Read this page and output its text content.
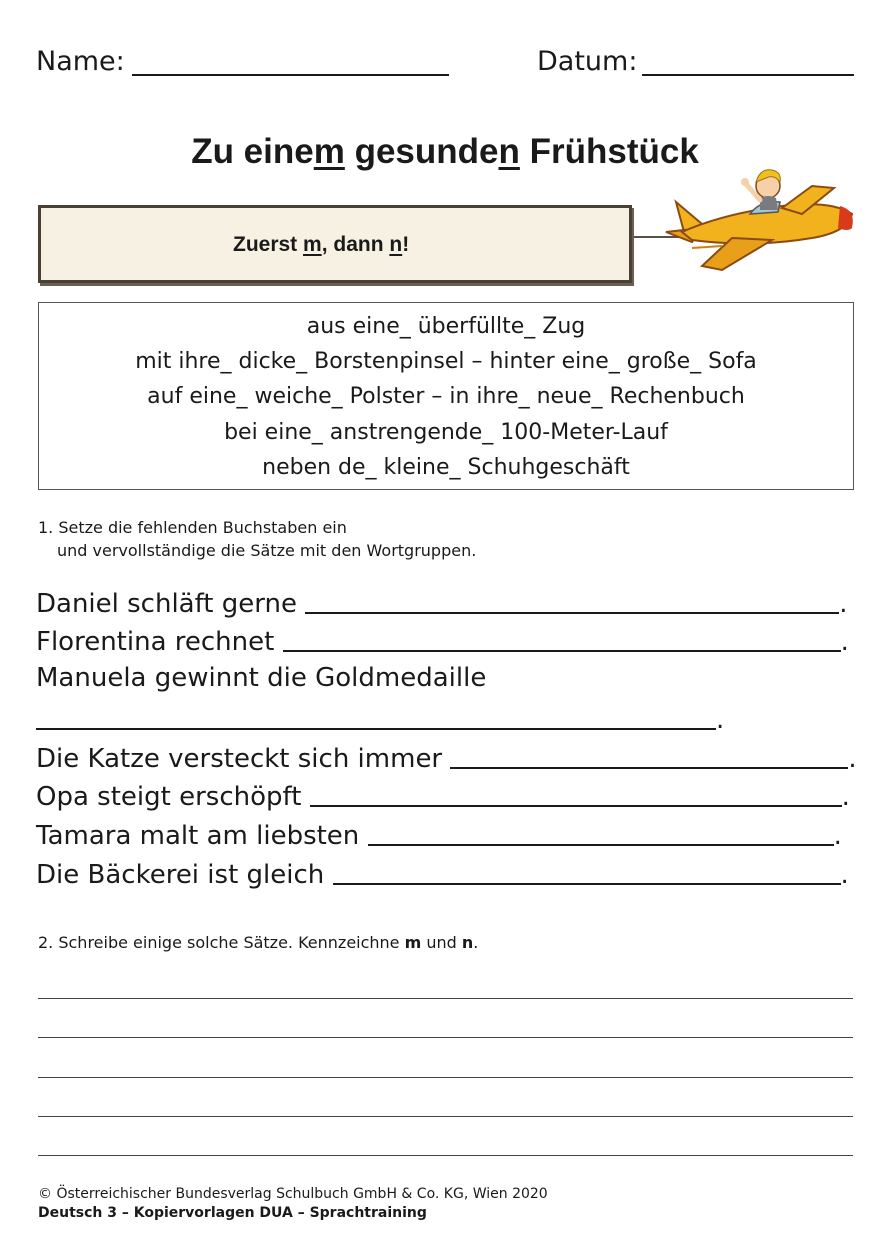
Name:	Datum:
Zu einem gesunden Frühstück
Zuerst m, dann n!
aus eine_ überfüllte_ Zug
mit ihre_ dicke_ Borstenpinsel – hinter eine_ große_ Sofa
auf eine_ weiche_ Polster – in ihre_ neue_ Rechenbuch
bei eine_ anstrengende_ 100-Meter-Lauf
neben de_ kleine_ Schuhgeschäft
1. Setze die fehlenden Buchstaben ein
und vervollständige die Sätze mit den Wortgruppen.
Daniel schläft gerne	.
Florentina rechnet	.
Manuela gewinnt die Goldmedaille
.
Die Katze versteckt sich immer	.
Opa steigt erschöpft	.
Tamara malt am liebsten	.
Die Bäckerei ist gleich	.
2. Schreibe einige solche Sätze. Kennzeichne m und n.
© Österreichischer Bundesverlag Schulbuch GmbH & Co. KG, Wien 2020
Deutsch 3 – Kopiervorlagen DUA – Sprachtraining
